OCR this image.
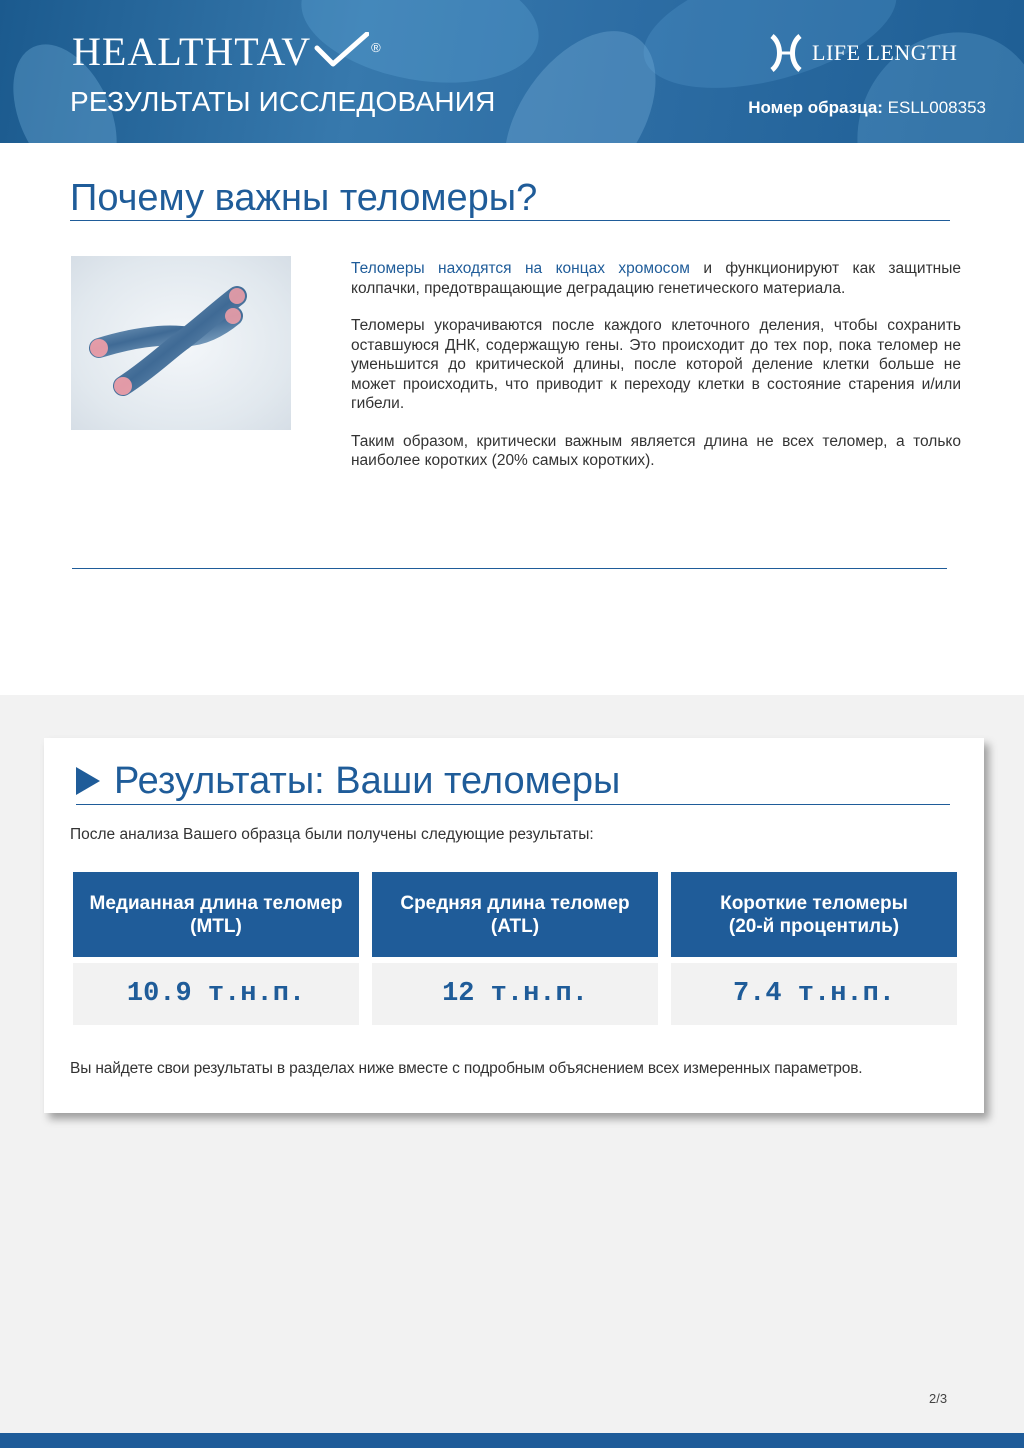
HEALTHTAV	®
РЕЗУЛЬТАТЫ ИССЛЕДОВАНИЯ
LIFE LENGTH
Номер образца: ESLL008353
Почему важны теломеры?

Теломеры находятся на концах хромосом и функционируют как защитные колпачки, предотвращающие деградацию генетического материала.

Теломеры укорачиваются после каждого клеточного деления, чтобы сохранить оставшуюся ДНК, содержащую гены. Это происходит до тех пор, пока теломер не уменьшится до критической длины, после которой деление клетки больше не может происходить, что приводит к переходу клетки в состояние старения и/или гибели.

Таким образом, критически важным является длина не всех теломер, а только наиболее коротких (20% самых коротких).

Результаты: Ваши теломеры
После анализа Вашего образца были получены следующие результаты:
Медианная длина теломер
(MTL)
10.9 т.н.п.
Средняя длина теломер
(ATL)
12 т.н.п.
Короткие теломеры
(20-й процентиль)
7.4 т.н.п.
Вы найдете свои результаты в разделах ниже вместе с подробным объяснением всех измеренных параметров.
2/3
